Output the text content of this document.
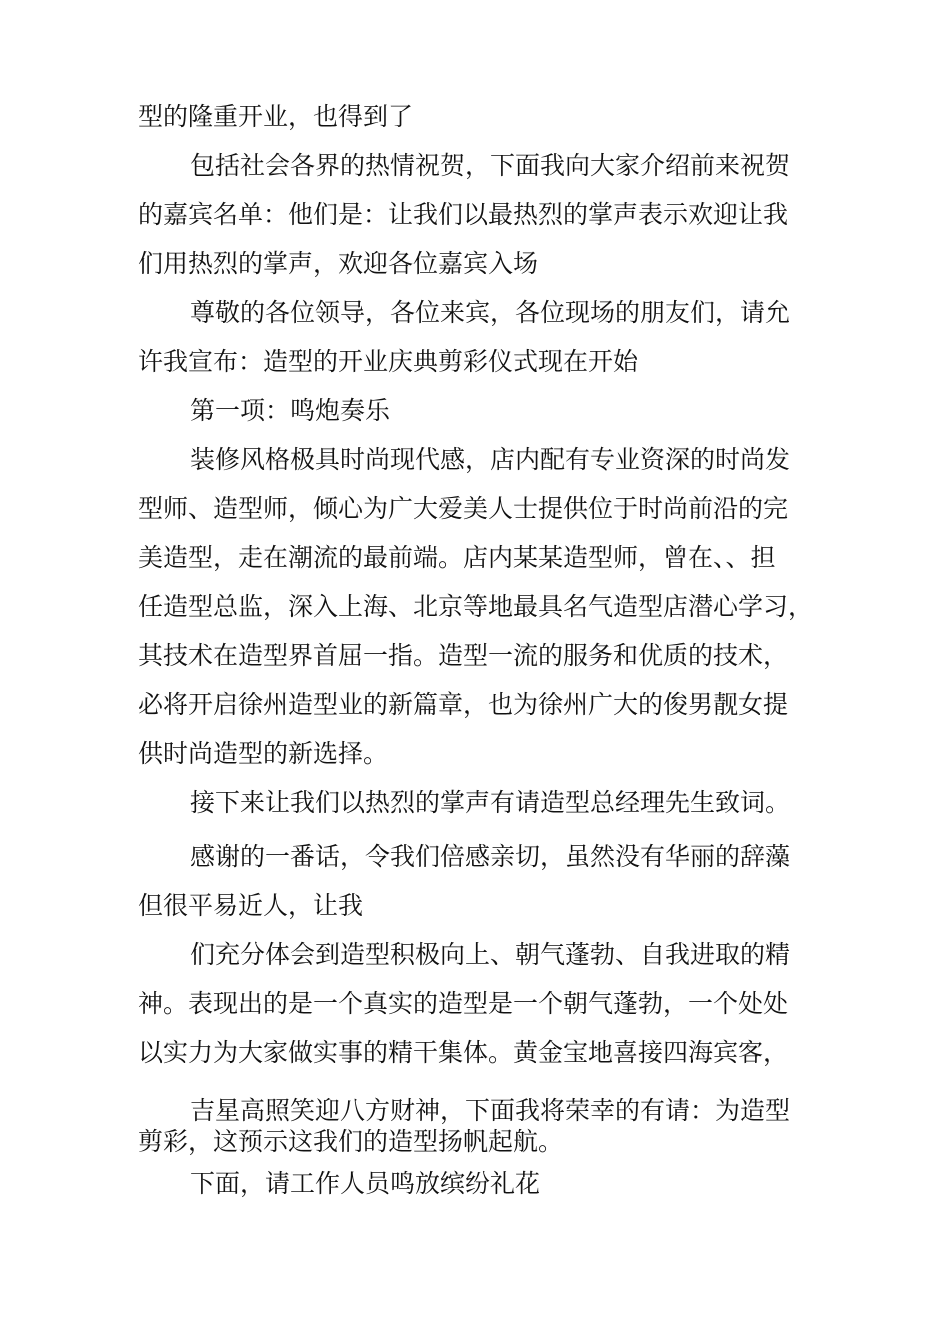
型的隆重开业，也得到了
包括社会各界的热情祝贺，下面我向大家介绍前来祝贺
的嘉宾名单：他们是：让我们以最热烈的掌声表示欢迎让我
们用热烈的掌声，欢迎各位嘉宾入场
尊敬的各位领导，各位来宾，各位现场的朋友们，请允
许我宣布：造型的开业庆典剪彩仪式现在开始
第一项：鸣炮奏乐
装修风格极具时尚现代感，店内配有专业资深的时尚发
型师、造型师，倾心为广大爱美人士提供位于时尚前沿的完
美造型，走在潮流的最前端。店内某某造型师，曾在、、担
任造型总监，深入上海、北京等地最具名气造型店潜心学习，
其技术在造型界首屈一指。造型一流的服务和优质的技术，
必将开启徐州造型业的新篇章，也为徐州广大的俊男靓女提
供时尚造型的新选择。
接下来让我们以热烈的掌声有请造型总经理先生致词。
感谢的一番话，令我们倍感亲切，虽然没有华丽的辞藻
但很平易近人，让我
们充分体会到造型积极向上、朝气蓬勃、自我进取的精
神。表现出的是一个真实的造型是一个朝气蓬勃，一个处处
以实力为大家做实事的精干集体。黄金宝地喜接四海宾客，
吉星高照笑迎八方财神，下面我将荣幸的有请：为造型
剪彩，这预示这我们的造型扬帆起航。
下面，请工作人员鸣放缤纷礼花
